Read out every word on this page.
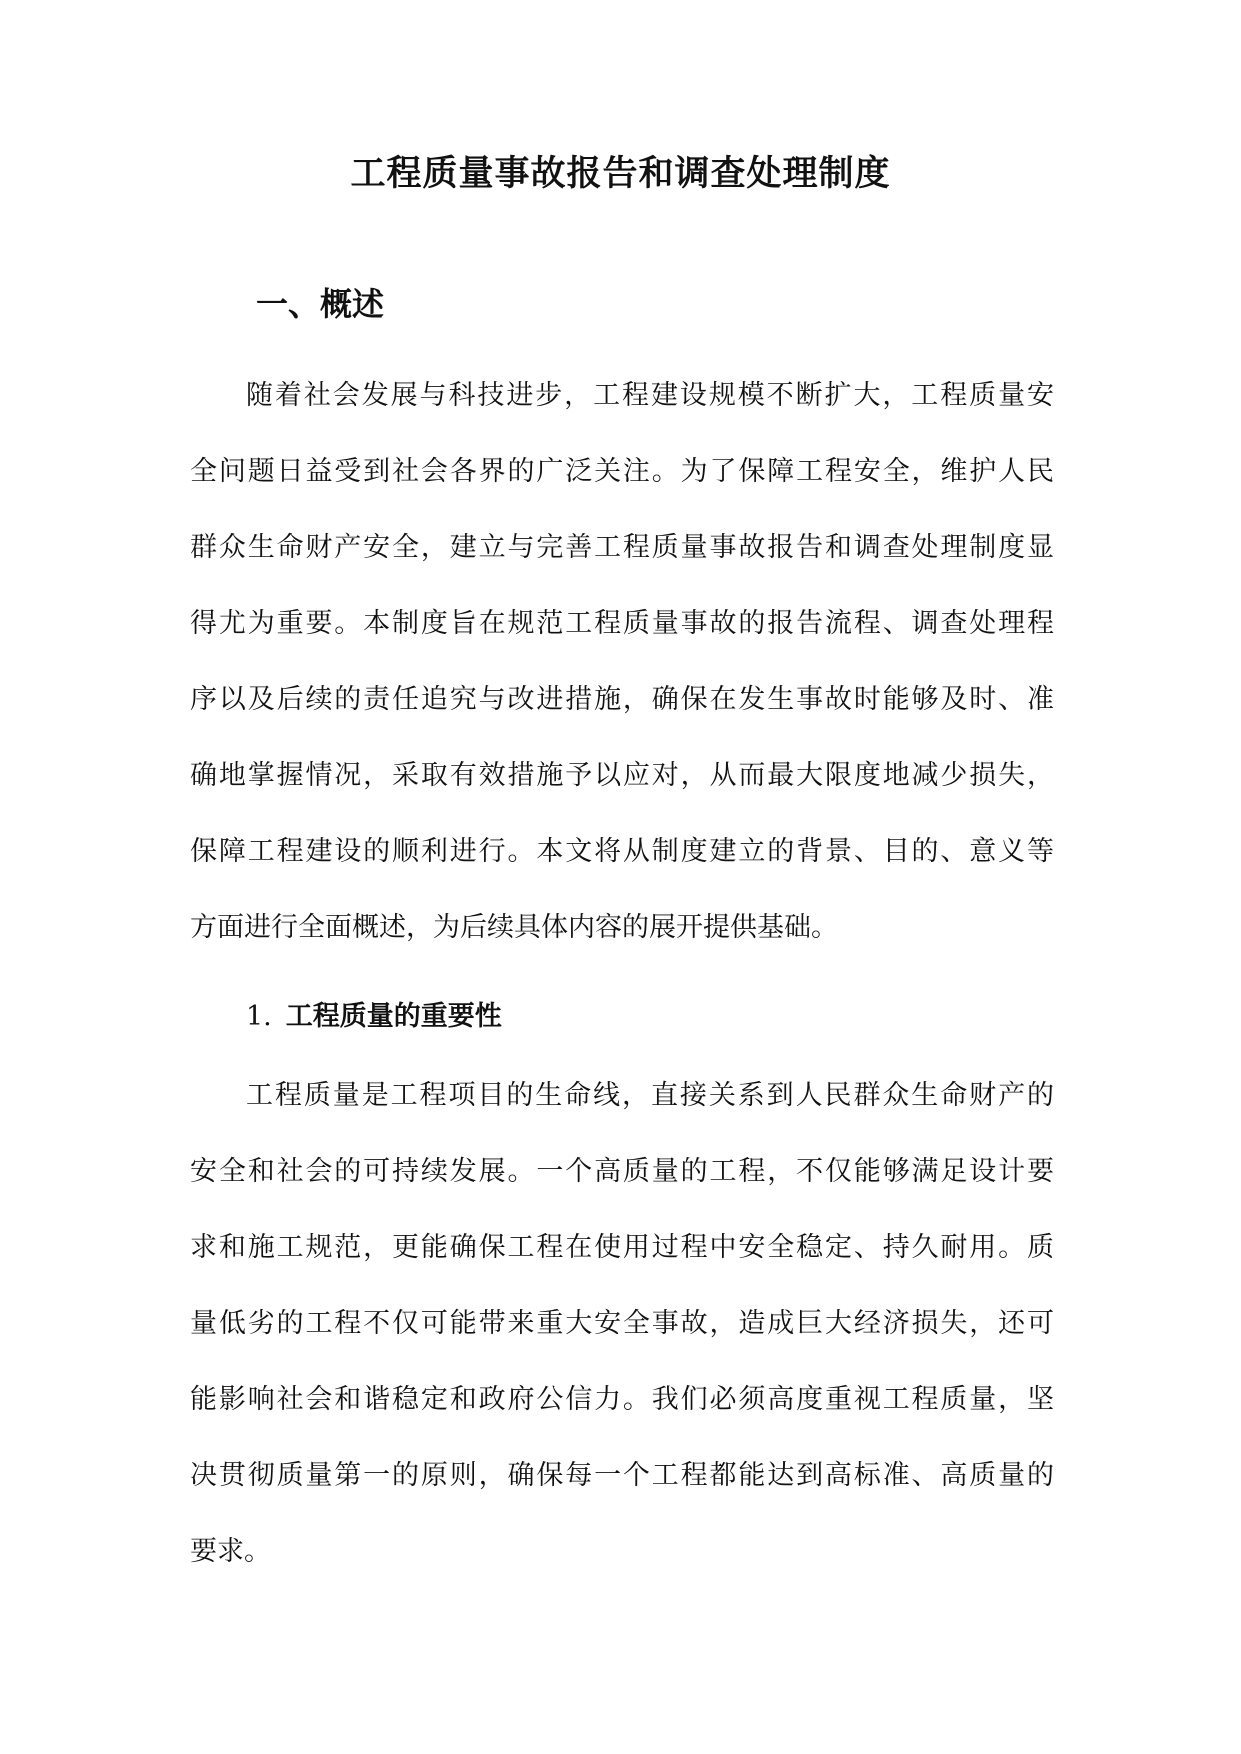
工程质量事故报告和调查处理制度
一、概述
随着社会发展与科技进步，工程建设规模不断扩大，工程质量安
全问题日益受到社会各界的广泛关注。为了保障工程安全，维护人民
群众生命财产安全，建立与完善工程质量事故报告和调查处理制度显
得尤为重要。本制度旨在规范工程质量事故的报告流程、调查处理程
序以及后续的责任追究与改进措施，确保在发生事故时能够及时、准
确地掌握情况，采取有效措施予以应对，从而最大限度地减少损失，
保障工程建设的顺利进行。本文将从制度建立的背景、目的、意义等
方面进行全面概述，为后续具体内容的展开提供基础。
1. 工程质量的重要性
工程质量是工程项目的生命线，直接关系到人民群众生命财产的
安全和社会的可持续发展。一个高质量的工程，不仅能够满足设计要
求和施工规范，更能确保工程在使用过程中安全稳定、持久耐用。质
量低劣的工程不仅可能带来重大安全事故，造成巨大经济损失，还可
能影响社会和谐稳定和政府公信力。我们必须高度重视工程质量，坚
决贯彻质量第一的原则，确保每一个工程都能达到高标准、高质量的
要求。
